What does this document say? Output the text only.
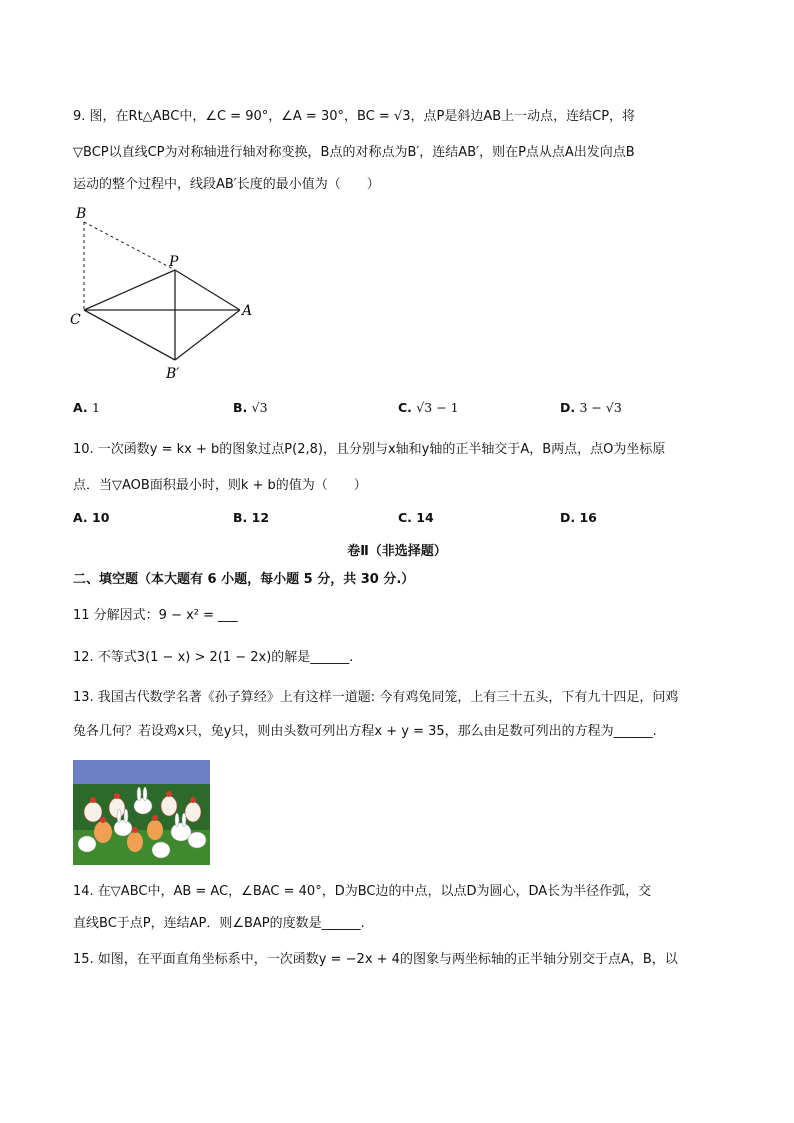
9. 图，在Rt△ABC中，∠C = 90°，∠A = 30°，BC = √3，点P是斜边AB上一动点，连结CP，将
▽BCP以直线CP为对称轴进行轴对称变换，B点的对称点为B′，连结AB′，则在P点从点A出发向点B
运动的整个过程中，线段AB′长度的最小值为（　　）
B
P
C
A
B′
A. 1	B. √3	C. √3 − 1	D. 3 − √3
10. 一次函数y = kx + b的图象过点P(2,8)，且分别与x轴和y轴的正半轴交于A，B两点，点O为坐标原
点．当▽AOB面积最小时，则k + b的值为（　　）
A. 10	B. 12	C. 14	D. 16
卷Ⅱ（非选择题）
二、填空题（本大题有 6 小题，每小题 5 分，共 30 分.）
11 分解因式：9 − x² = ___
12. 不等式3(1 − x) > 2(1 − 2x)的解是______.
13. 我国古代数学名著《孙子算经》上有这样一道题: 今有鸡兔同笼，上有三十五头，下有九十四足，问鸡
兔各几何？若设鸡x只，兔y只，则由头数可列出方程x + y = 35，那么由足数可列出的方程为______.
14. 在▽ABC中，AB = AC，∠BAC = 40°，D为BC边的中点，以点D为圆心，DA长为半径作弧，交
直线BC于点P，连结AP．则∠BAP的度数是______.
15. 如图，在平面直角坐标系中，一次函数y = −2x + 4的图象与两坐标轴的正半轴分别交于点A，B，以
